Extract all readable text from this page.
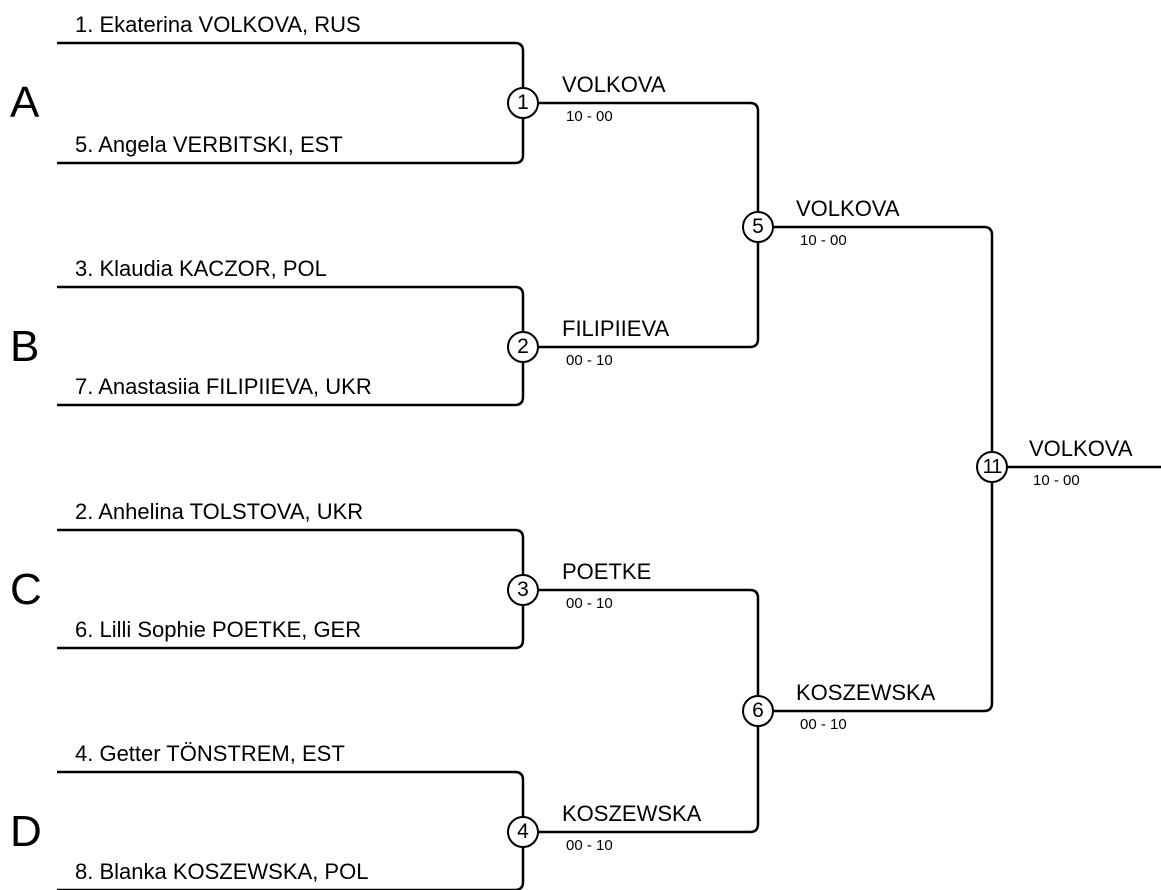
A
B
C
D
1. Ekaterina VOLKOVA, RUS
5. Angela VERBITSKI, EST
3. Klaudia KACZOR, POL
7. Anastasiia FILIPIIEVA, UKR
2. Anhelina TOLSTOVA, UKR
6. Lilli Sophie POETKE, GER
4. Getter TÖNSTREM, EST
8. Blanka KOSZEWSKA, POL
VOLKOVA
10 - 00
1
FILIPIIEVA
00 - 10
2
POETKE
00 - 10
3
KOSZEWSKA
00 - 10
4
VOLKOVA
10 - 00
5
KOSZEWSKA
00 - 10
6
VOLKOVA
10 - 00
11
